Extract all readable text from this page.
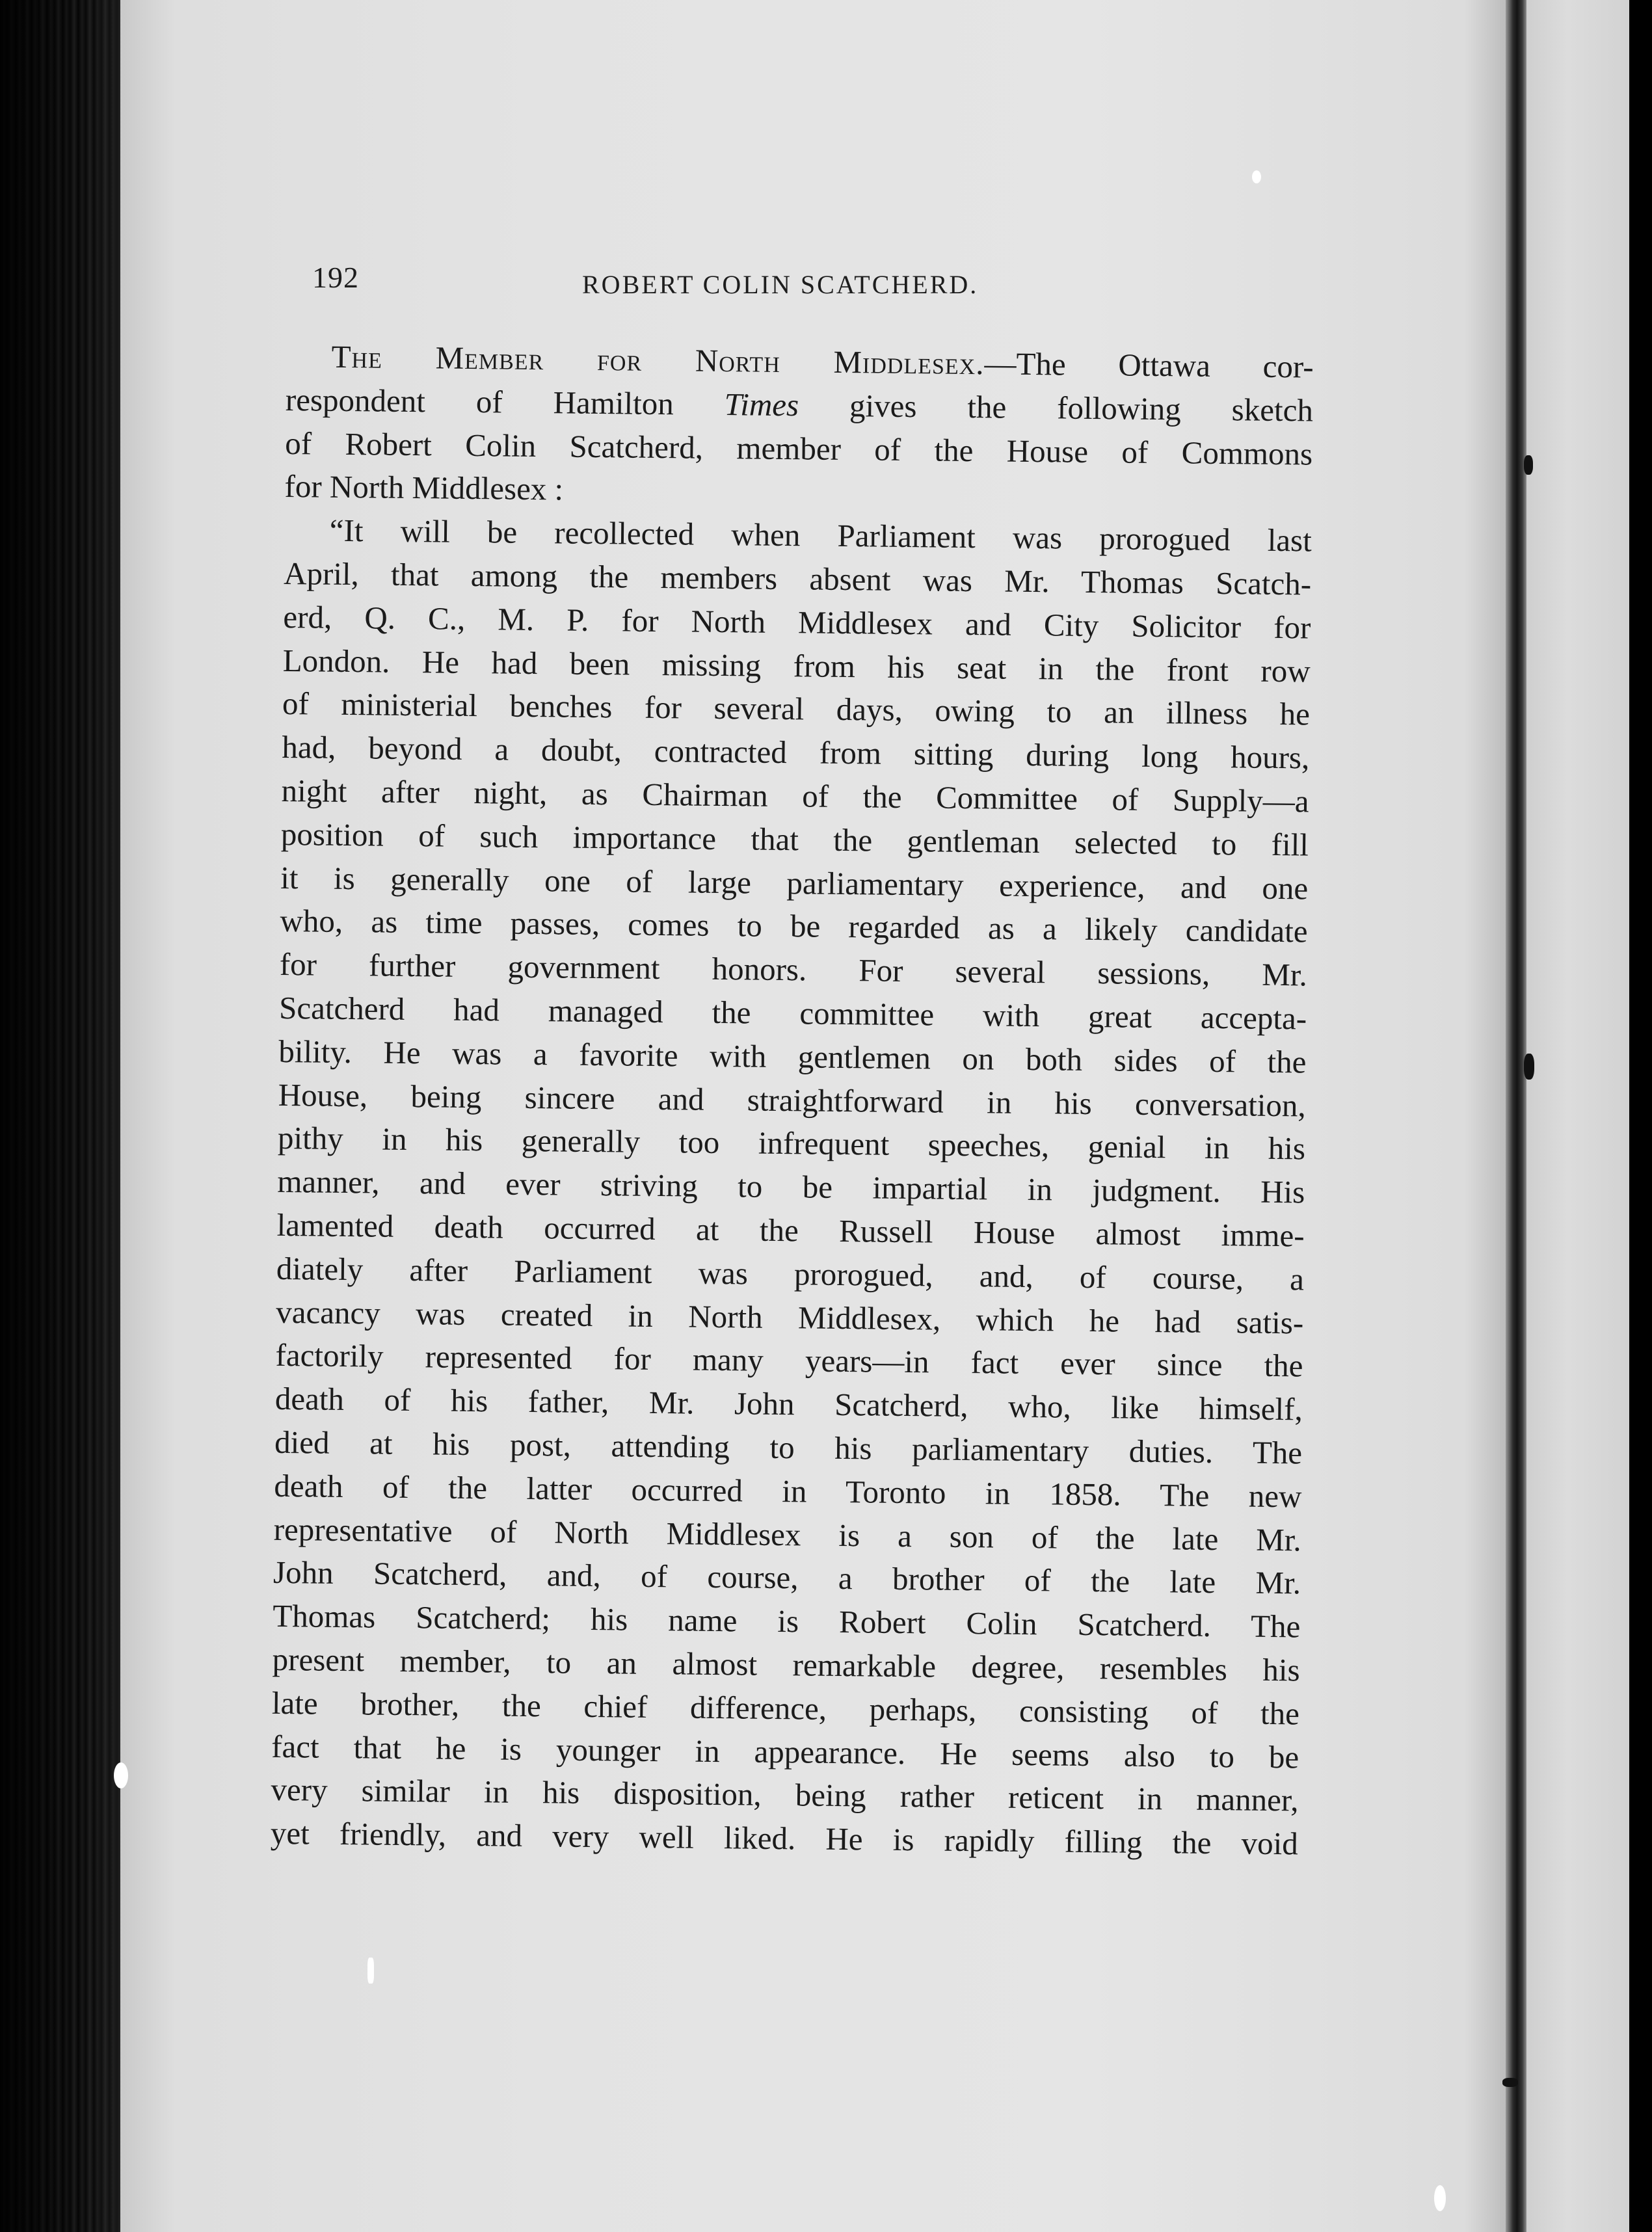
192	ROBERT COLIN SCATCHERD.
The Member for North Middlesex.—The Ottawa cor-
respondent of Hamilton Times gives the following sketch
of Robert Colin Scatcherd, member of the House of Commons
for North Middlesex :
“It will be recollected when Parliament was prorogued last
April, that among the members absent was Mr. Thomas Scatch-
erd, Q. C., M. P. for North Middlesex and City Solicitor for
London. He had been missing from his seat in the front row
of ministerial benches for several days, owing to an illness he
had, beyond a doubt, contracted from sitting during long hours,
night after night, as Chairman of the Committee of Supply—a
position of such importance that the gentleman selected to fill
it is generally one of large parliamentary experience, and one
who, as time passes, comes to be regarded as a likely candidate
for further government honors. For several sessions, Mr.
Scatcherd had managed the committee with great accepta-
bility. He was a favorite with gentlemen on both sides of the
House, being sincere and straightforward in his conversation,
pithy in his generally too infrequent speeches, genial in his
manner, and ever striving to be impartial in judgment. His
lamented death occurred at the Russell House almost imme-
diately after Parliament was prorogued, and, of course, a
vacancy was created in North Middlesex, which he had satis-
factorily represented for many years—in fact ever since the
death of his father, Mr. John Scatcherd, who, like himself,
died at his post, attending to his parliamentary duties. The
death of the latter occurred in Toronto in 1858. The new
representative of North Middlesex is a son of the late Mr.
John Scatcherd, and, of course, a brother of the late Mr.
Thomas Scatcherd; his name is Robert Colin Scatcherd. The
present member, to an almost remarkable degree, resembles his
late brother, the chief difference, perhaps, consisting of the
fact that he is younger in appearance. He seems also to be
very similar in his disposition, being rather reticent in manner,
yet friendly, and very well liked. He is rapidly filling the void
